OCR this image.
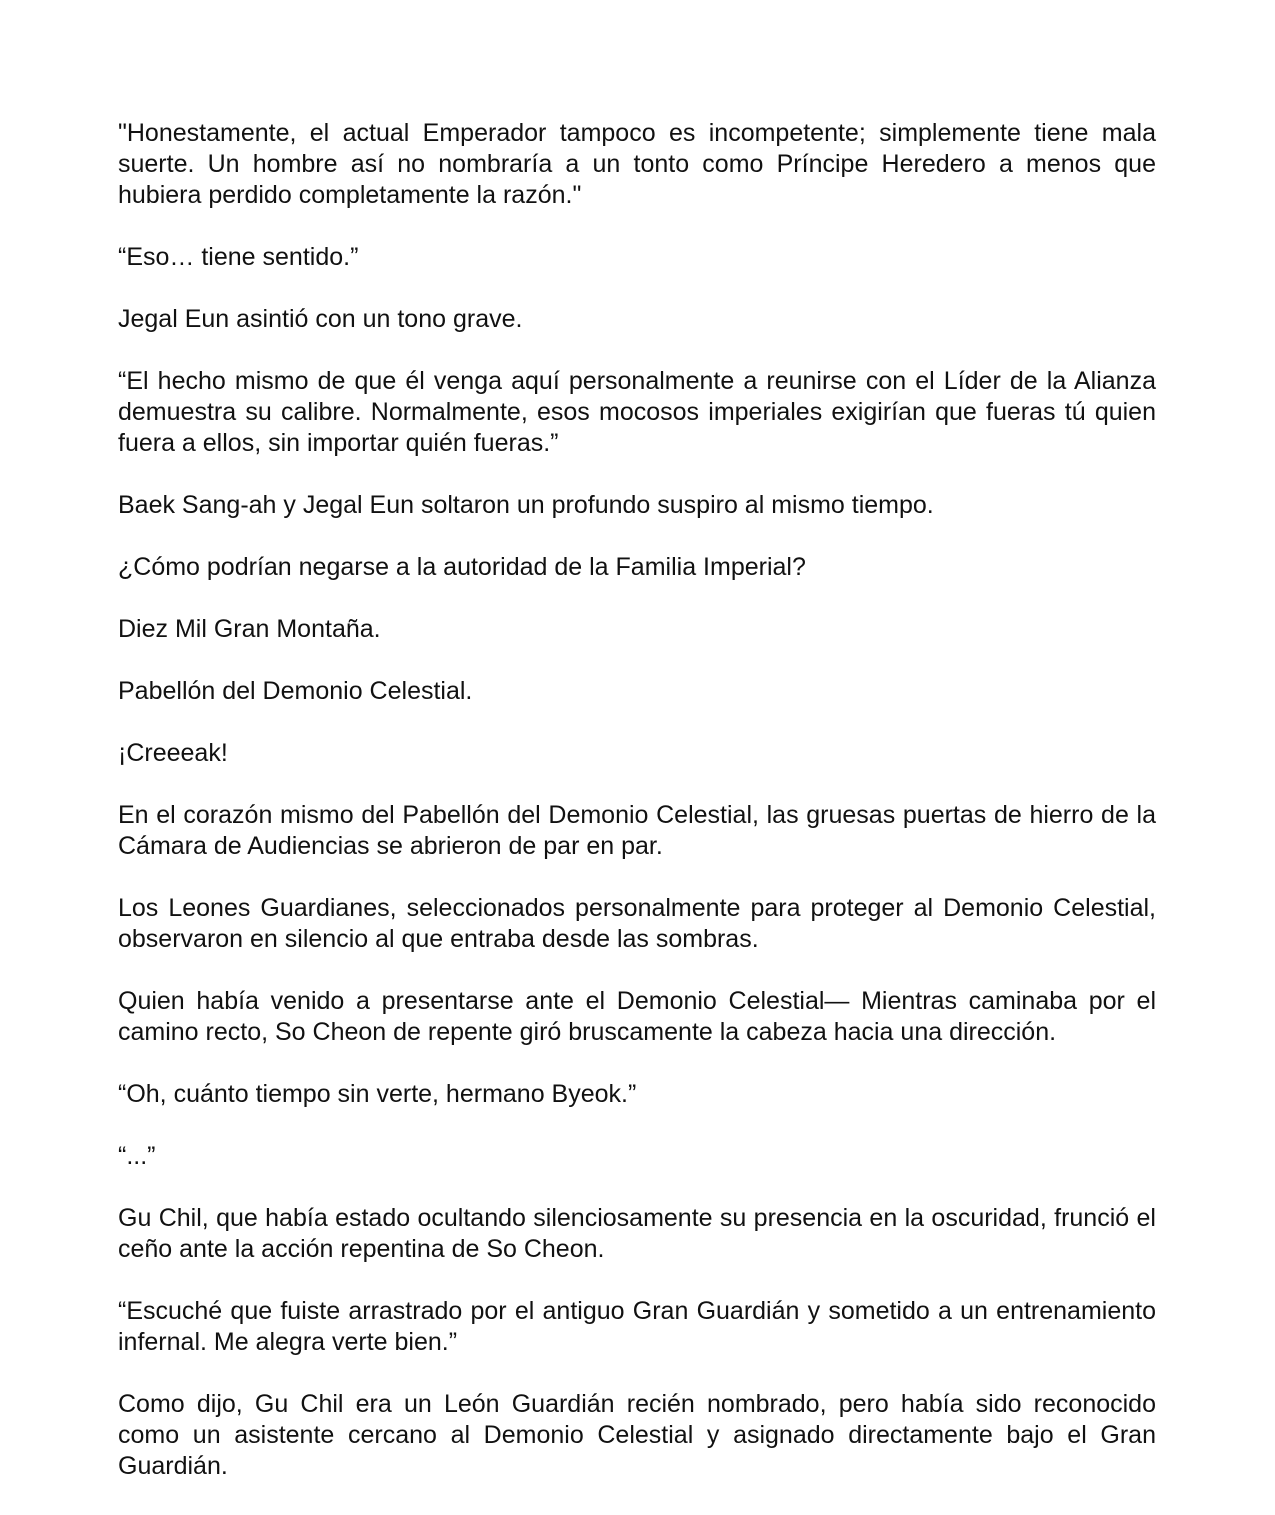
"Honestamente, el actual Emperador tampoco es incompetente; simplemente tiene mala suerte. Un hombre así no nombraría a un tonto como Príncipe Heredero a menos que hubiera perdido completamente la razón."

“Eso… tiene sentido.”

Jegal Eun asintió con un tono grave.

“El hecho mismo de que él venga aquí personalmente a reunirse con el Líder de la Alianza demuestra su calibre. Normalmente, esos mocosos imperiales exigirían que fueras tú quien fuera a ellos, sin importar quién fueras.”

Baek Sang-ah y Jegal Eun soltaron un profundo suspiro al mismo tiempo.

¿Cómo podrían negarse a la autoridad de la Familia Imperial?

Diez Mil Gran Montaña.

Pabellón del Demonio Celestial.

¡Creeeak!

En el corazón mismo del Pabellón del Demonio Celestial, las gruesas puertas de hierro de la Cámara de Audiencias se abrieron de par en par.

Los Leones Guardianes, seleccionados personalmente para proteger al Demonio Celestial, observaron en silencio al que entraba desde las sombras.

Quien había venido a presentarse ante el Demonio Celestial— Mientras caminaba por el camino recto, So Cheon de repente giró bruscamente la cabeza hacia una dirección.

“Oh, cuánto tiempo sin verte, hermano Byeok.”

“...”

Gu Chil, que había estado ocultando silenciosamente su presencia en la oscuridad, frunció el ceño ante la acción repentina de So Cheon.

“Escuché que fuiste arrastrado por el antiguo Gran Guardián y sometido a un entrenamiento infernal. Me alegra verte bien.”

Como dijo, Gu Chil era un León Guardián recién nombrado, pero había sido reconocido como un asistente cercano al Demonio Celestial y asignado directamente bajo el Gran Guardián.
